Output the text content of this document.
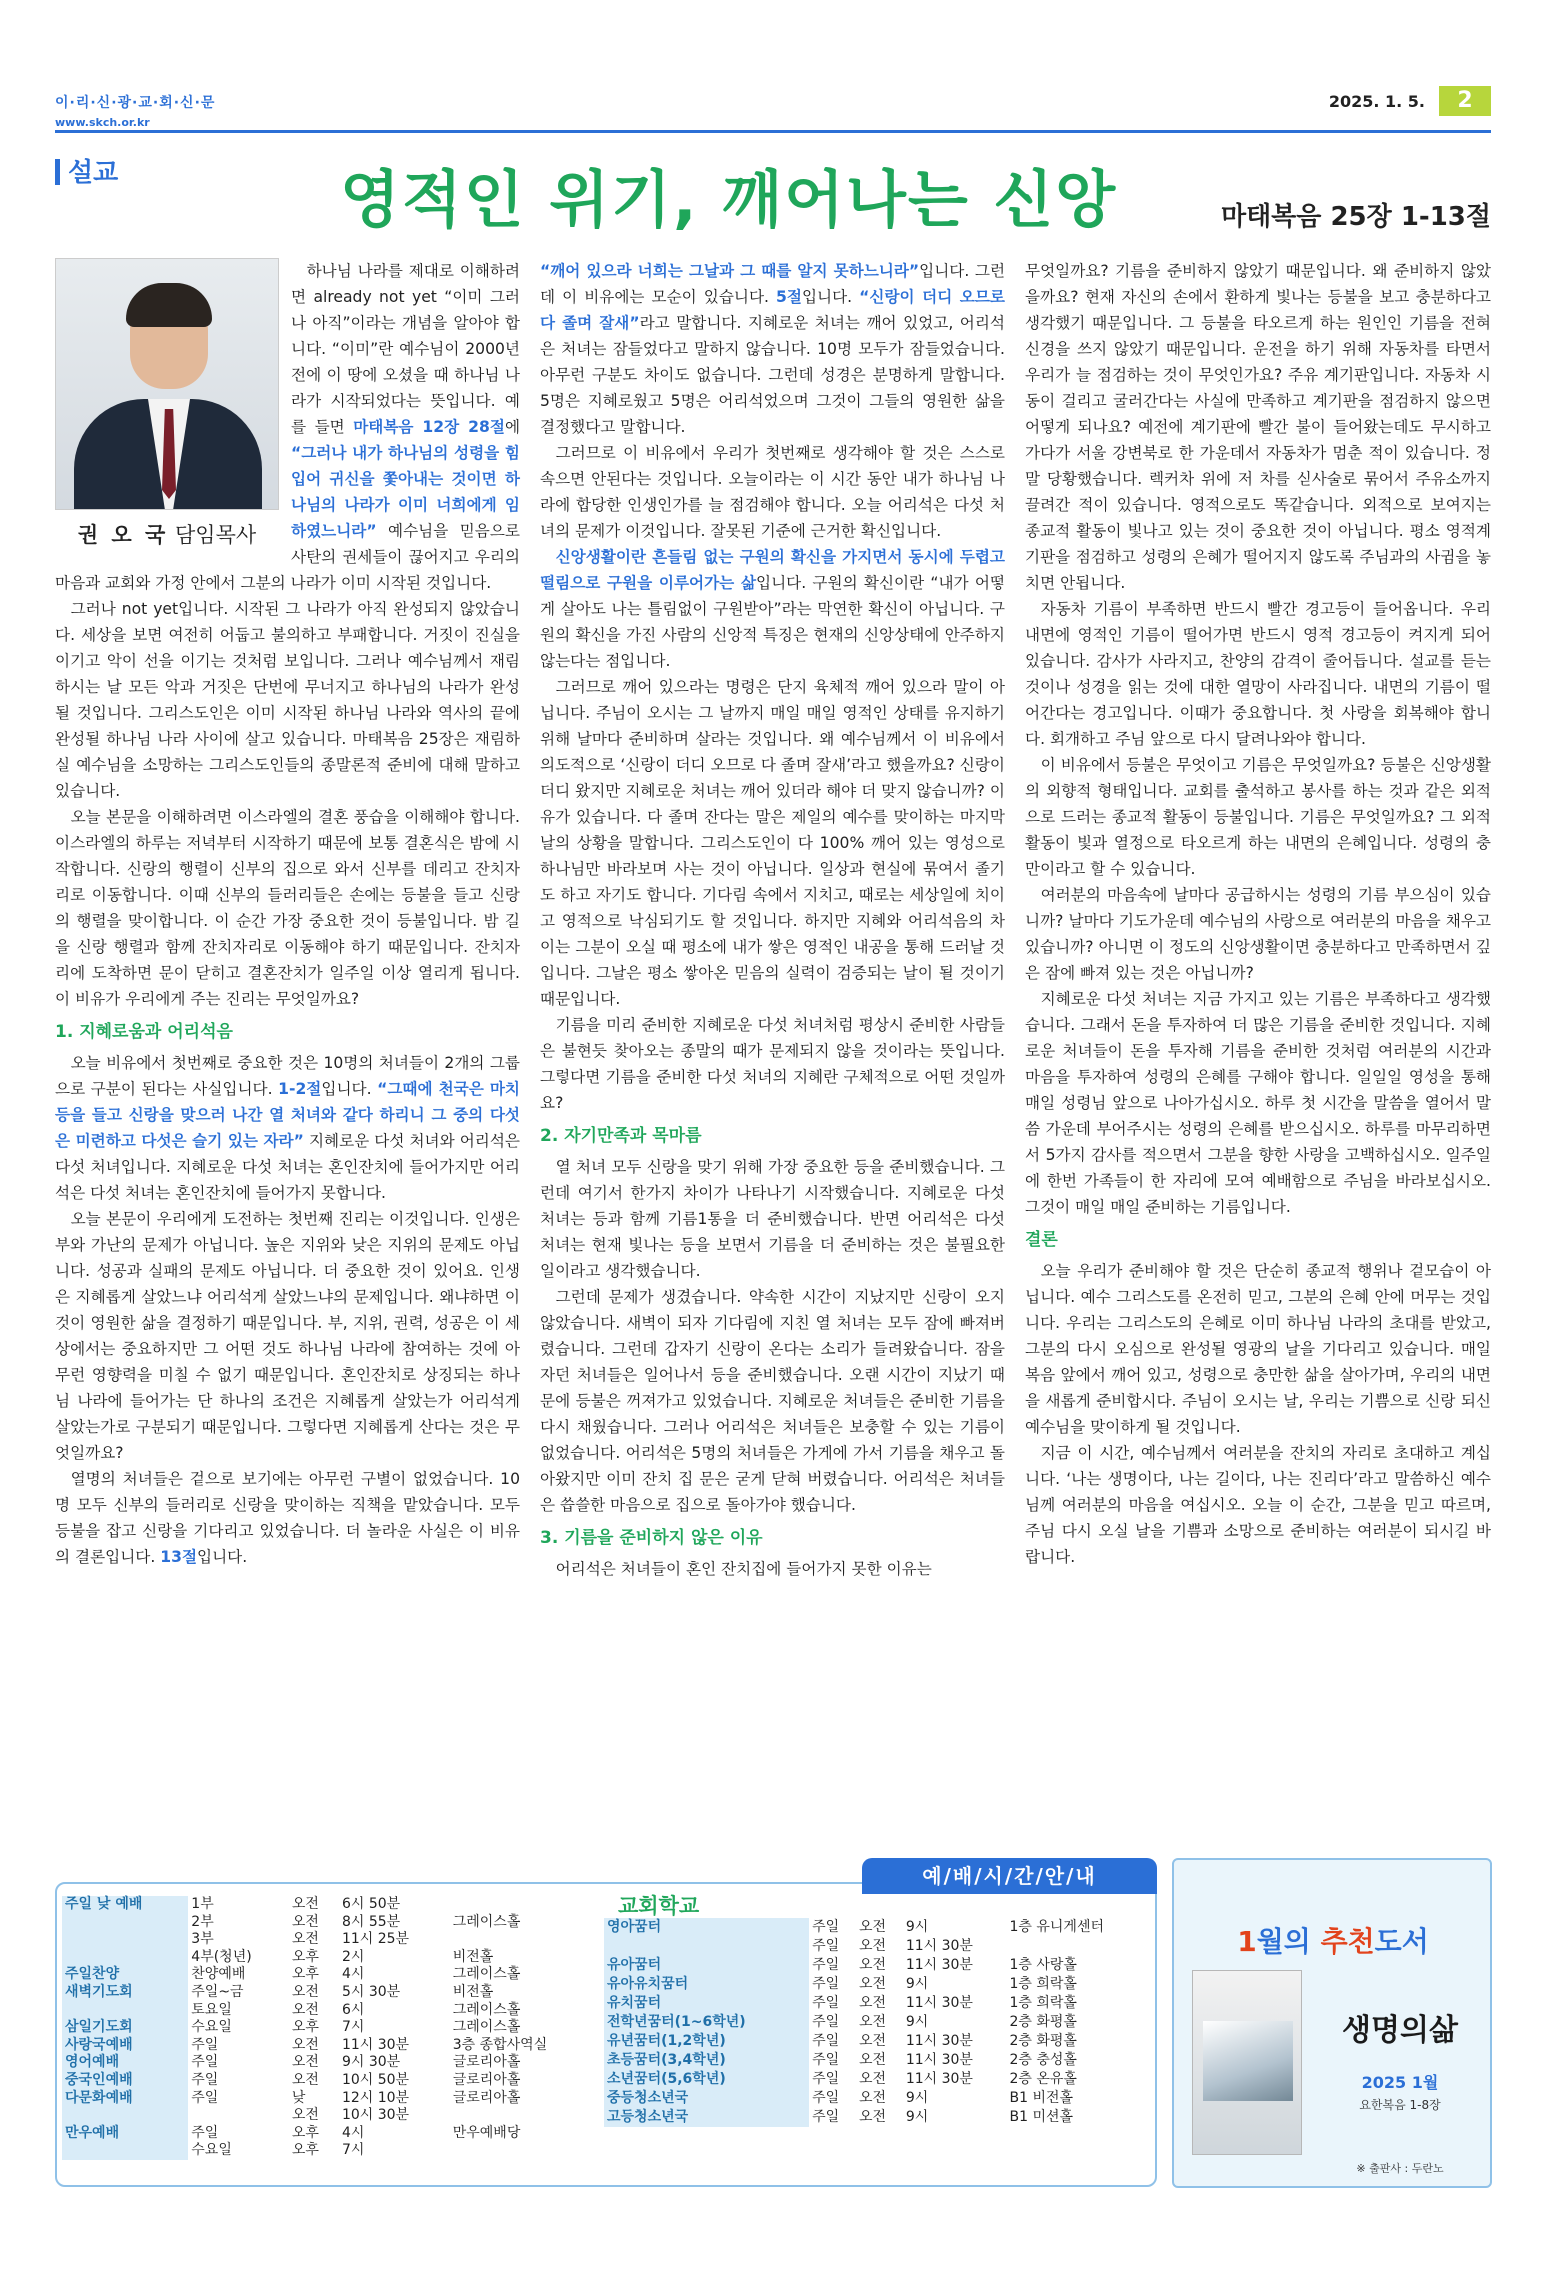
이·리·신·광·교·회·신·문
www.skch.or.kr
2025. 1. 5.	2
설교	영적인 위기, 깨어나는 신앙	마태복음 25장 1-13절
권 오 국 담임목사

하나님 나라를 제대로 이해하려면 already not yet “이미 그러나 아직”이라는 개념을 알아야 합니다. “이미”란 예수님이 2000년 전에 이 땅에 오셨을 때 하나님 나라가 시작되었다는 뜻입니다. 예를 들면 마태복음 12장 28절에 “그러나 내가 하나님의 성령을 힘입어 귀신을 쫓아내는 것이면 하나님의 나라가 이미 너희에게 임하였느니라” 예수님을 믿음으로 사탄의 권세들이 끊어지고 우리의 마음과 교회와 가정 안에서 그분의 나라가 이미 시작된 것입니다.

그러나 not yet입니다. 시작된 그 나라가 아직 완성되지 않았습니다. 세상을 보면 여전히 어둡고 불의하고 부패합니다. 거짓이 진실을 이기고 악이 선을 이기는 것처럼 보입니다. 그러나 예수님께서 재림하시는 날 모든 악과 거짓은 단번에 무너지고 하나님의 나라가 완성될 것입니다. 그리스도인은 이미 시작된 하나님 나라와 역사의 끝에 완성될 하나님 나라 사이에 살고 있습니다. 마태복음 25장은 재림하실 예수님을 소망하는 그리스도인들의 종말론적 준비에 대해 말하고 있습니다.

오늘 본문을 이해하려면 이스라엘의 결혼 풍습을 이해해야 합니다. 이스라엘의 하루는 저녁부터 시작하기 때문에 보통 결혼식은 밤에 시작합니다. 신랑의 행렬이 신부의 집으로 와서 신부를 데리고 잔치자리로 이동합니다. 이때 신부의 들러리들은 손에는 등불을 들고 신랑의 행렬을 맞이합니다. 이 순간 가장 중요한 것이 등불입니다. 밤 길을 신랑 행렬과 함께 잔치자리로 이동해야 하기 때문입니다. 잔치자리에 도착하면 문이 닫히고 결혼잔치가 일주일 이상 열리게 됩니다. 이 비유가 우리에게 주는 진리는 무엇일까요?

1. 지혜로움과 어리석음

오늘 비유에서 첫번째로 중요한 것은 10명의 처녀들이 2개의 그룹으로 구분이 된다는 사실입니다. 1-2절입니다. “그때에 천국은 마치 등을 들고 신랑을 맞으러 나간 열 처녀와 같다 하리니 그 중의 다섯은 미련하고 다섯은 슬기 있는 자라” 지혜로운 다섯 처녀와 어리석은 다섯 처녀입니다. 지혜로운 다섯 처녀는 혼인잔치에 들어가지만 어리석은 다섯 처녀는 혼인잔치에 들어가지 못합니다.

오늘 본문이 우리에게 도전하는 첫번째 진리는 이것입니다. 인생은 부와 가난의 문제가 아닙니다. 높은 지위와 낮은 지위의 문제도 아닙니다. 성공과 실패의 문제도 아닙니다. 더 중요한 것이 있어요. 인생은 지혜롭게 살았느냐 어리석게 살았느냐의 문제입니다. 왜냐하면 이것이 영원한 삶을 결정하기 때문입니다. 부, 지위, 권력, 성공은 이 세상에서는 중요하지만 그 어떤 것도 하나님 나라에 참여하는 것에 아무런 영향력을 미칠 수 없기 때문입니다. 혼인잔치로 상징되는 하나님 나라에 들어가는 단 하나의 조건은 지혜롭게 살았는가 어리석게 살았는가로 구분되기 때문입니다. 그렇다면 지혜롭게 산다는 것은 무엇일까요?

열명의 처녀들은 겉으로 보기에는 아무런 구별이 없었습니다. 10명 모두 신부의 들러리로 신랑을 맞이하는 직책을 맡았습니다. 모두 등불을 잡고 신랑을 기다리고 있었습니다. 더 놀라운 사실은 이 비유의 결론입니다. 13절입니다.

“깨어 있으라 너희는 그날과 그 때를 알지 못하느니라”입니다. 그런데 이 비유에는 모순이 있습니다. 5절입니다. “신랑이 더디 오므로 다 졸며 잘새”라고 말합니다. 지혜로운 처녀는 깨어 있었고, 어리석은 처녀는 잠들었다고 말하지 않습니다. 10명 모두가 잠들었습니다. 아무런 구분도 차이도 없습니다. 그런데 성경은 분명하게 말합니다. 5명은 지혜로웠고 5명은 어리석었으며 그것이 그들의 영원한 삶을 결정했다고 말합니다.

그러므로 이 비유에서 우리가 첫번째로 생각해야 할 것은 스스로 속으면 안된다는 것입니다. 오늘이라는 이 시간 동안 내가 하나님 나라에 합당한 인생인가를 늘 점검해야 합니다. 오늘 어리석은 다섯 처녀의 문제가 이것입니다. 잘못된 기준에 근거한 확신입니다.

신앙생활이란 흔들림 없는 구원의 확신을 가지면서 동시에 두렵고 떨림으로 구원을 이루어가는 삶입니다. 구원의 확신이란 “내가 어떻게 살아도 나는 틀림없이 구원받아”라는 막연한 확신이 아닙니다. 구원의 확신을 가진 사람의 신앙적 특징은 현재의 신앙상태에 안주하지 않는다는 점입니다.

그러므로 깨어 있으라는 명령은 단지 육체적 깨어 있으라 말이 아닙니다. 주님이 오시는 그 날까지 매일 매일 영적인 상태를 유지하기 위해 날마다 준비하며 살라는 것입니다. 왜 예수님께서 이 비유에서 의도적으로 ‘신랑이 더디 오므로 다 졸며 잘새’라고 했을까요? 신랑이 더디 왔지만 지혜로운 처녀는 깨어 있더라 해야 더 맞지 않습니까? 이유가 있습니다. 다 졸며 잔다는 말은 제일의 예수를 맞이하는 마지막 날의 상황을 말합니다. 그리스도인이 다 100% 깨어 있는 영성으로 하나님만 바라보며 사는 것이 아닙니다. 일상과 현실에 묶여서 졸기도 하고 자기도 합니다. 기다림 속에서 지치고, 때로는 세상일에 치이고 영적으로 낙심되기도 할 것입니다. 하지만 지혜와 어리석음의 차이는 그분이 오실 때 평소에 내가 쌓은 영적인 내공을 통해 드러날 것입니다. 그날은 평소 쌓아온 믿음의 실력이 검증되는 날이 될 것이기 때문입니다.

기름을 미리 준비한 지혜로운 다섯 처녀처럼 평상시 준비한 사람들은 불현듯 찾아오는 종말의 때가 문제되지 않을 것이라는 뜻입니다. 그렇다면 기름을 준비한 다섯 처녀의 지혜란 구체적으로 어떤 것일까요?

2. 자기만족과 목마름

열 처녀 모두 신랑을 맞기 위해 가장 중요한 등을 준비했습니다. 그런데 여기서 한가지 차이가 나타나기 시작했습니다. 지혜로운 다섯 처녀는 등과 함께 기름1통을 더 준비했습니다. 반면 어리석은 다섯 처녀는 현재 빛나는 등을 보면서 기름을 더 준비하는 것은 불필요한 일이라고 생각했습니다.

그런데 문제가 생겼습니다. 약속한 시간이 지났지만 신랑이 오지 않았습니다. 새벽이 되자 기다림에 지친 열 처녀는 모두 잠에 빠져버렸습니다. 그런데 갑자기 신랑이 온다는 소리가 들려왔습니다. 잠을 자던 처녀들은 일어나서 등을 준비했습니다. 오랜 시간이 지났기 때문에 등불은 꺼져가고 있었습니다. 지혜로운 처녀들은 준비한 기름을 다시 채웠습니다. 그러나 어리석은 처녀들은 보충할 수 있는 기름이 없었습니다. 어리석은 5명의 처녀들은 가게에 가서 기름을 채우고 돌아왔지만 이미 잔치 집 문은 굳게 닫혀 버렸습니다. 어리석은 처녀들은 씁쓸한 마음으로 집으로 돌아가야 했습니다.

3. 기름을 준비하지 않은 이유

어리석은 처녀들이 혼인 잔치집에 들어가지 못한 이유는

무엇일까요? 기름을 준비하지 않았기 때문입니다. 왜 준비하지 않았을까요? 현재 자신의 손에서 환하게 빛나는 등불을 보고 충분하다고 생각했기 때문입니다. 그 등불을 타오르게 하는 원인인 기름을 전혀 신경을 쓰지 않았기 때문입니다. 운전을 하기 위해 자동차를 타면서 우리가 늘 점검하는 것이 무엇인가요? 주유 계기판입니다. 자동차 시동이 걸리고 굴러간다는 사실에 만족하고 계기판을 점검하지 않으면 어떻게 되나요? 예전에 계기판에 빨간 불이 들어왔는데도 무시하고 가다가 서울 강변북로 한 가운데서 자동차가 멈춘 적이 있습니다. 정말 당황했습니다. 렉커차 위에 저 차를 싣사술로 묶어서 주유소까지 끌려간 적이 있습니다. 영적으로도 똑같습니다. 외적으로 보여지는 종교적 활동이 빛나고 있는 것이 중요한 것이 아닙니다. 평소 영적계기판을 점검하고 성령의 은혜가 떨어지지 않도록 주님과의 사귐을 놓치면 안됩니다.

자동차 기름이 부족하면 반드시 빨간 경고등이 들어옵니다. 우리 내면에 영적인 기름이 떨어가면 반드시 영적 경고등이 켜지게 되어 있습니다. 감사가 사라지고, 찬양의 감격이 줄어듭니다. 설교를 듣는 것이나 성경을 읽는 것에 대한 열망이 사라집니다. 내면의 기름이 떨어간다는 경고입니다. 이때가 중요합니다. 첫 사랑을 회복해야 합니다. 회개하고 주님 앞으로 다시 달려나와야 합니다.

이 비유에서 등불은 무엇이고 기름은 무엇일까요? 등불은 신앙생활의 외향적 형태입니다. 교회를 출석하고 봉사를 하는 것과 같은 외적으로 드러는 종교적 활동이 등불입니다. 기름은 무엇일까요? 그 외적 활동이 빛과 열정으로 타오르게 하는 내면의 은혜입니다. 성령의 충만이라고 할 수 있습니다.

여러분의 마음속에 날마다 공급하시는 성령의 기름 부으심이 있습니까? 날마다 기도가운데 예수님의 사랑으로 여러분의 마음을 채우고 있습니까? 아니면 이 정도의 신앙생활이면 충분하다고 만족하면서 깊은 잠에 빠져 있는 것은 아닙니까?

지혜로운 다섯 처녀는 지금 가지고 있는 기름은 부족하다고 생각했습니다. 그래서 돈을 투자하여 더 많은 기름을 준비한 것입니다. 지혜로운 처녀들이 돈을 투자해 기름을 준비한 것처럼 여러분의 시간과 마음을 투자하여 성령의 은혜를 구해야 합니다. 일일일 영성을 통해 매일 성령님 앞으로 나아가십시오. 하루 첫 시간을 말씀을 열어서 말씀 가운데 부어주시는 성령의 은혜를 받으십시오. 하루를 마무리하면서 5가지 감사를 적으면서 그분을 향한 사랑을 고백하십시오. 일주일에 한번 가족들이 한 자리에 모여 예배함으로 주님을 바라보십시오. 그것이 매일 매일 준비하는 기름입니다.

결론

오늘 우리가 준비해야 할 것은 단순히 종교적 행위나 겉모습이 아닙니다. 예수 그리스도를 온전히 믿고, 그분의 은혜 안에 머무는 것입니다. 우리는 그리스도의 은혜로 이미 하나님 나라의 초대를 받았고, 그분의 다시 오심으로 완성될 영광의 날을 기다리고 있습니다. 매일 복음 앞에서 깨어 있고, 성령으로 충만한 삶을 살아가며, 우리의 내면을 새롭게 준비합시다. 주님이 오시는 날, 우리는 기쁨으로 신랑 되신 예수님을 맞이하게 될 것입니다.

지금 이 시간, 예수님께서 여러분을 잔치의 자리로 초대하고 계십니다. ‘나는 생명이다, 나는 길이다, 나는 진리다’라고 말씀하신 예수님께 여러분의 마음을 여십시오. 오늘 이 순간, 그분을 믿고 따르며, 주님 다시 오실 날을 기쁨과 소망으로 준비하는 여러분이 되시길 바랍니다.

예/배/시/간/안/내
주일 낮 예배	1부	오전	6시 50분	
	2부	오전	8시 55분	그레이스홀
	3부	오전	11시 25분	
	4부(청년)	오후	2시	비전홀
주일찬양	찬양예배	오후	4시	그레이스홀
새벽기도회	주일~금	오전	5시 30분	비전홀
	토요일	오전	6시	그레이스홀
삼일기도회	수요일	오후	7시	그레이스홀
사랑국예배	주일	오전	11시 30분	3층 종합사역실
영어예배	주일	오전	9시 30분	글로리아홀
중국인예배	주일	오전	10시 50분	글로리아홀
다문화예배	주일	낮	12시 10분	글로리아홀
		오전	10시 30분	
만우예배	주일	오후	4시	만우예배당
	수요일	오후	7시	
교회학교
영아꿈터	주일	오전	9시	1층 유니게센터
	주일	오전	11시 30분	
유아꿈터	주일	오전	11시 30분	1층 사랑홀
유아유치꿈터	주일	오전	9시	1층 희락홀
유치꿈터	주일	오전	11시 30분	1층 희락홀
전학년꿈터(1~6학년)	주일	오전	9시	2층 화평홀
유년꿈터(1,2학년)	주일	오전	11시 30분	2층 화평홀
초등꿈터(3,4학년)	주일	오전	11시 30분	2층 충성홀
소년꿈터(5,6학년)	주일	오전	11시 30분	2층 온유홀
중등청소년국	주일	오전	9시	B1 비전홀
고등청소년국	주일	오전	9시	B1 미션홀
1월의 추천도서
생명의삶
2025 1월
요한복음 1-8장
※ 출판사 : 두란노
